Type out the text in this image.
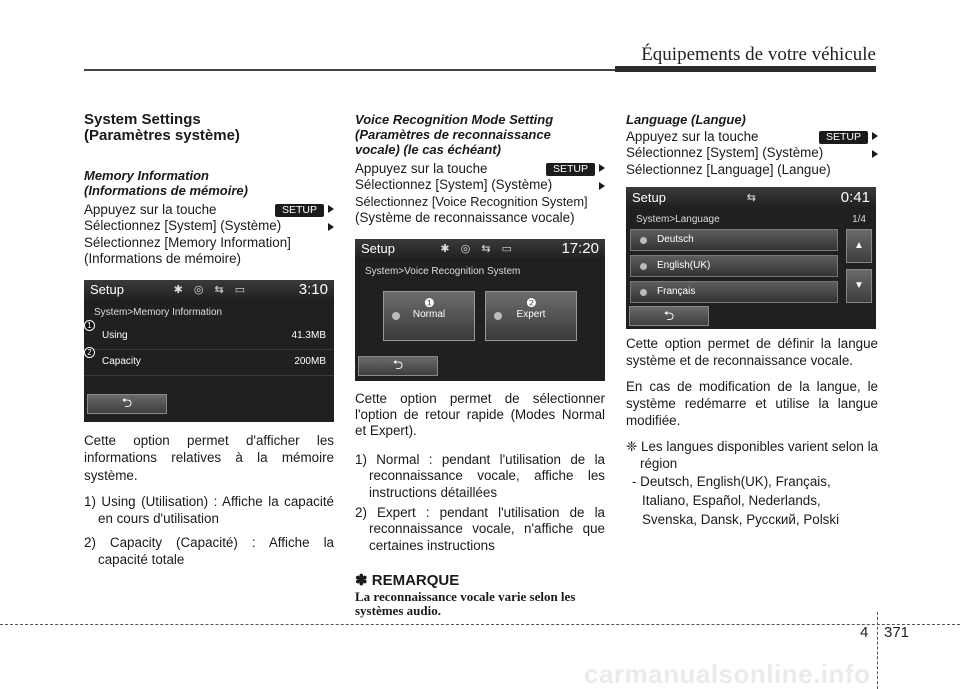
Équipements de votre véhicule
System Settings
(Paramètres système)
Memory Information
(Informations de mémoire)
Appuyez sur la touche	SETUP
Sélectionnez [System] (Système)
Sélectionnez [Memory Information]
(Informations de mémoire)
Setup	✱ ◎ ⇆ ▭	3:10
System>Memory Information
Using	41.3MB
Capacity	200MB
1
2
⮌
Cette option permet d'afficher les informations relatives à la mémoire système.
1) Using (Utilisation) : Affiche la capacité en cours d'utilisation
2) Capacity (Capacité) : Affiche la capacité totale
Voice Recognition Mode Setting
(Paramètres de reconnaissance
vocale) (le cas échéant)
Appuyez sur la touche	SETUP
Sélectionnez [System] (Système)
Sélectionnez [Voice Recognition System]
(Système de reconnaissance vocale)
Setup	✱ ◎ ⇆ ▭	17:20
System>Voice Recognition System
❶
Normal
❷
Expert
⮌
Cette option permet de sélectionner l'option de retour rapide (Modes Normal et Expert).
1) Normal : pendant l'utilisation de la reconnaissance vocale, affiche les instructions détaillées
2) Expert : pendant l'utilisation de la reconnaissance vocale, n'affiche que certaines instructions
✽ REMARQUE
La reconnaissance vocale varie selon les systèmes audio.
Language (Langue)
Appuyez sur la touche	SETUP
Sélectionnez [System] (Système)
Sélectionnez [Language] (Langue)
Setup	⇆	0:41
System>Language	1/4
Deutsch
English(UK)
Français
▲
▼
⮌
Cette option permet de définir la langue système et de reconnaissance vocale.
En cas de modification de la langue, le système redémarre et utilise la langue modifiée.
❈ Les langues disponibles varient selon la région
- Deutsch, English(UK), Français,
Italiano, Español, Nederlands,
Svenska, Dansk, Русский, Polski
4 371
carmanualsonline.info
